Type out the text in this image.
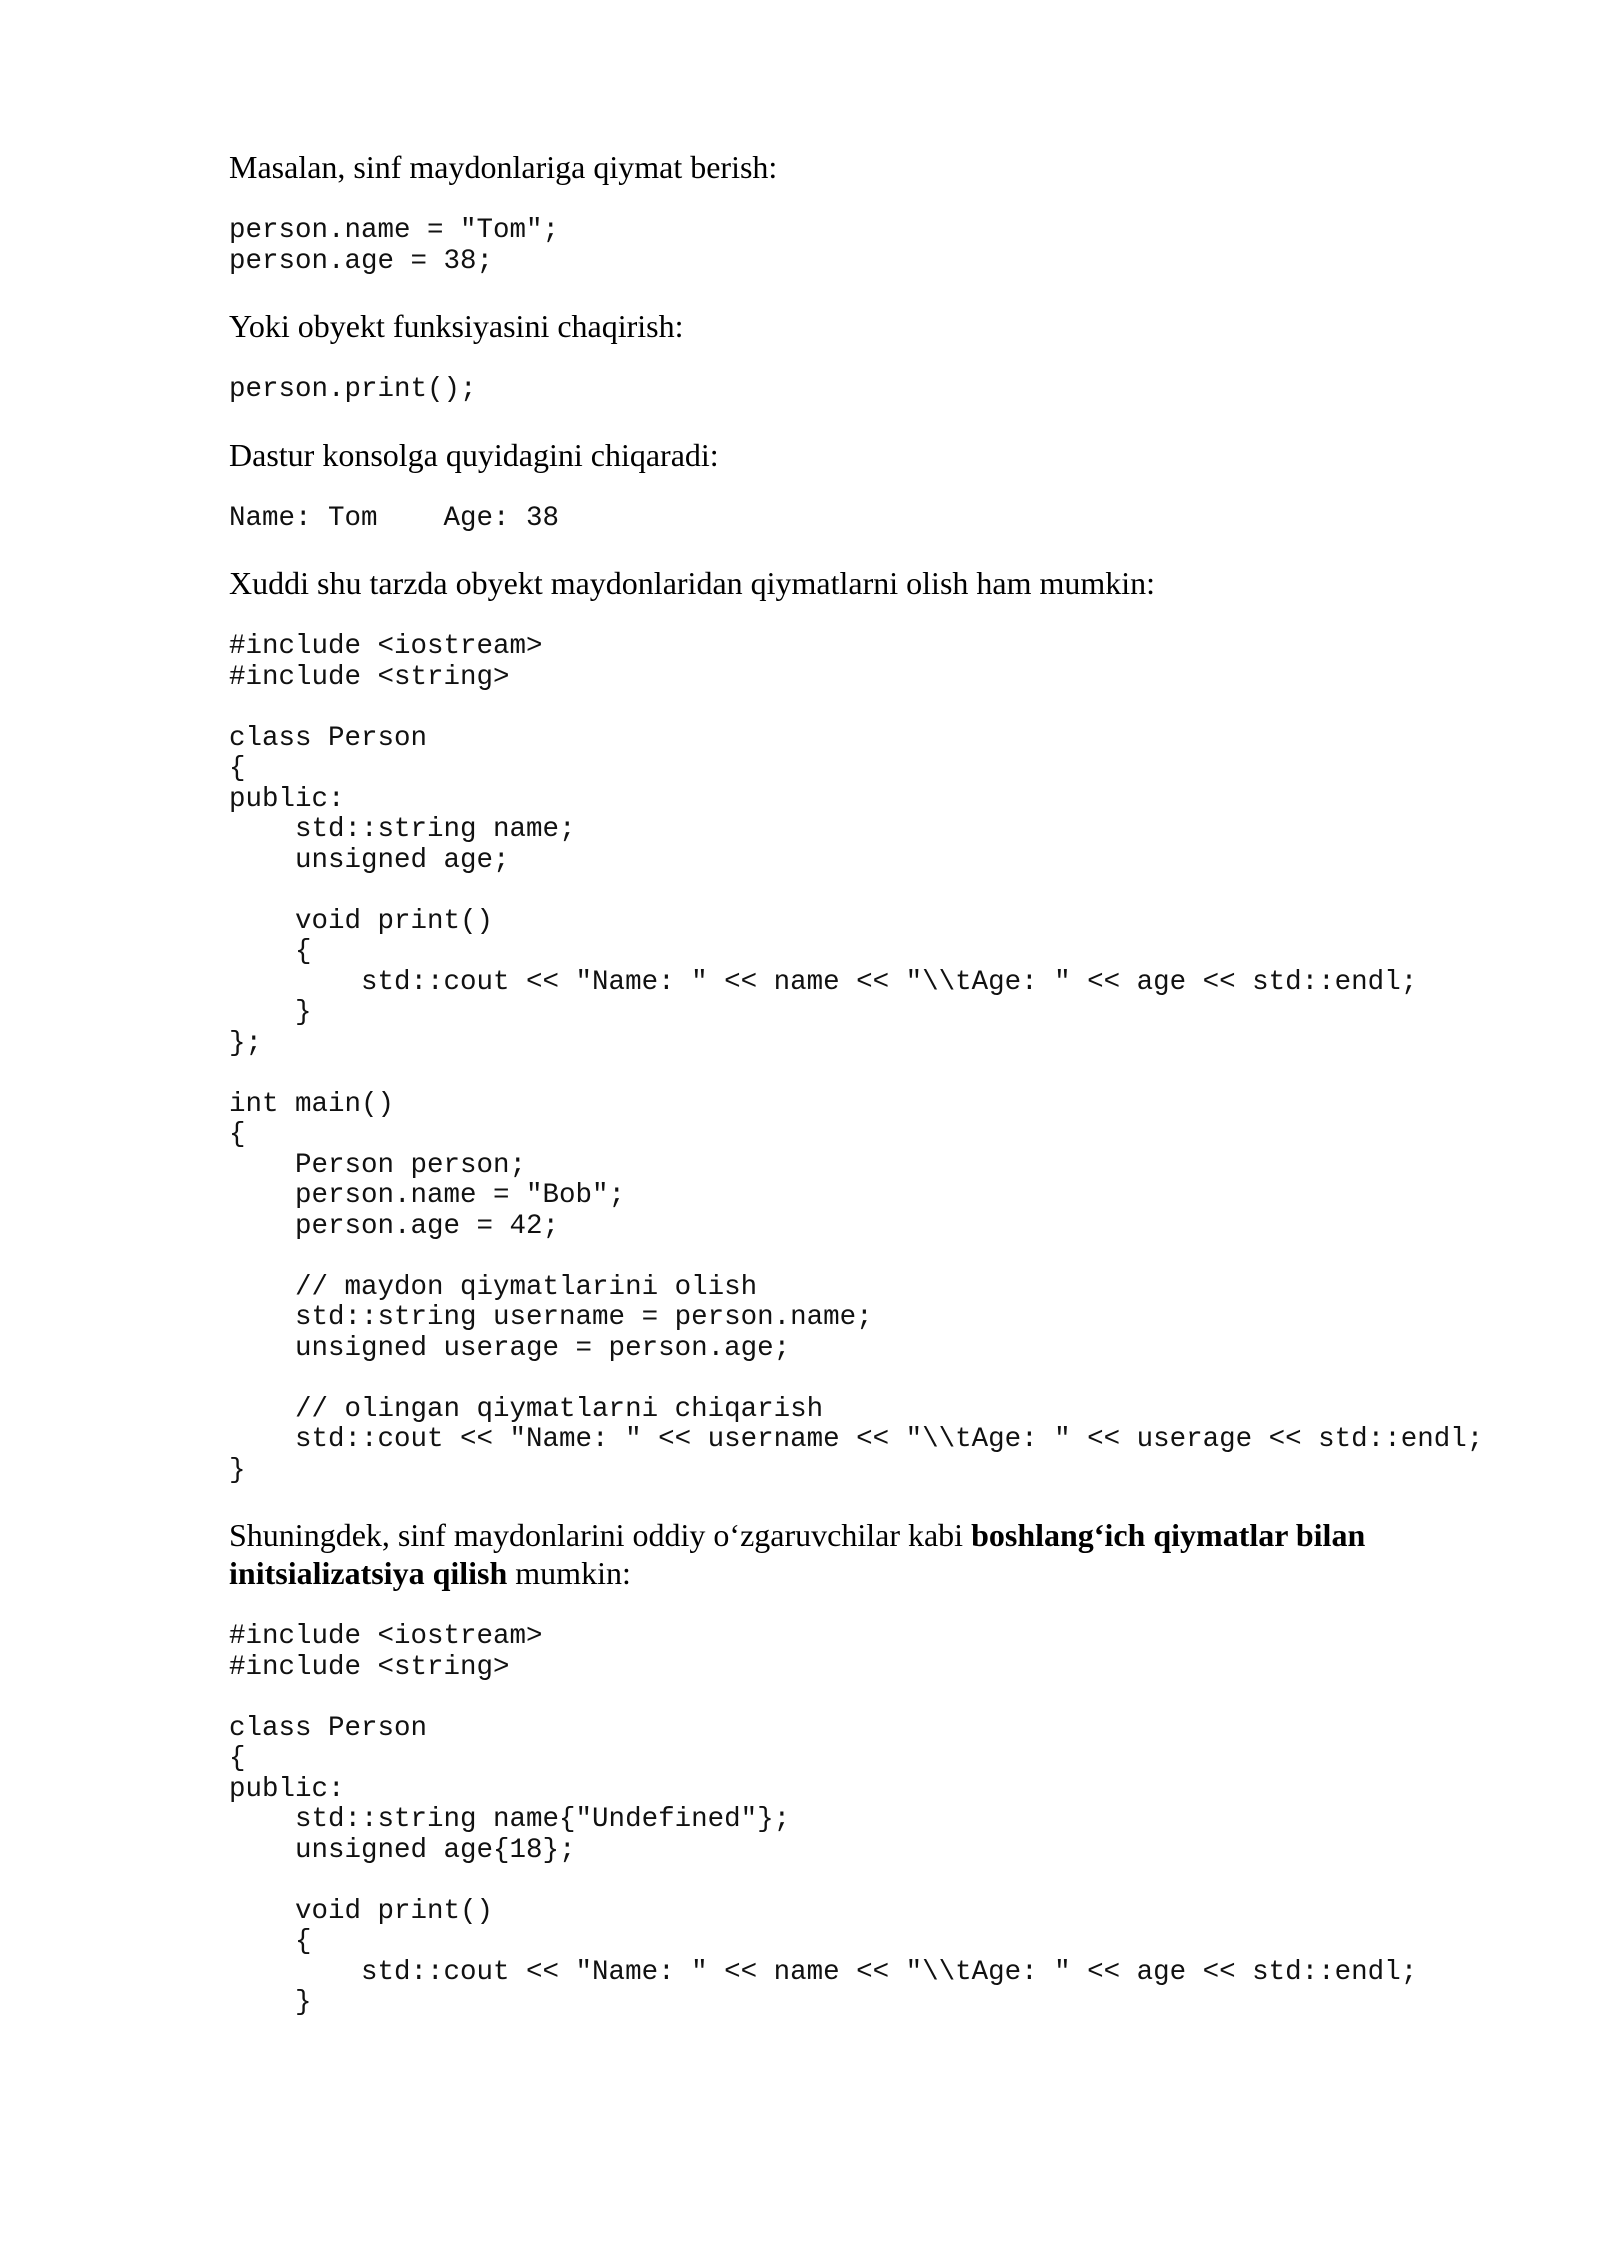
Masalan, sinf maydonlariga qiymat berish:

person.name = "Tom";
person.age = 38;

Yoki obyekt funksiyasini chaqirish:

person.print();

Dastur konsolga quyidagini chiqaradi:

Name: Tom    Age: 38

Xuddi shu tarzda obyekt maydonlaridan qiymatlarni olish ham mumkin:

#include <iostream>
#include <string>
class Person
{
public:
std::string name;
unsigned age;
void print()
{
std::cout << "Name: " << name << "\\tAge: " << age << std::endl;
}
};
int main()
{
Person person;
person.name = "Bob";
person.age = 42;
// maydon qiymatlarini olish
std::string username = person.name;
unsigned userage = person.age;
// olingan qiymatlarni chiqarish
std::cout << "Name: " << username << "\\tAge: " << userage << std::endl;
}

Shuningdek, sinf maydonlarini oddiy o‘zgaruvchilar kabi boshlang‘ich qiymatlar bilan initsializatsiya qilish mumkin:

#include <iostream>
#include <string>
class Person
{
public:
std::string name{"Undefined"};
unsigned age{18};
void print()
{
std::cout << "Name: " << name << "\\tAge: " << age << std::endl;
}
